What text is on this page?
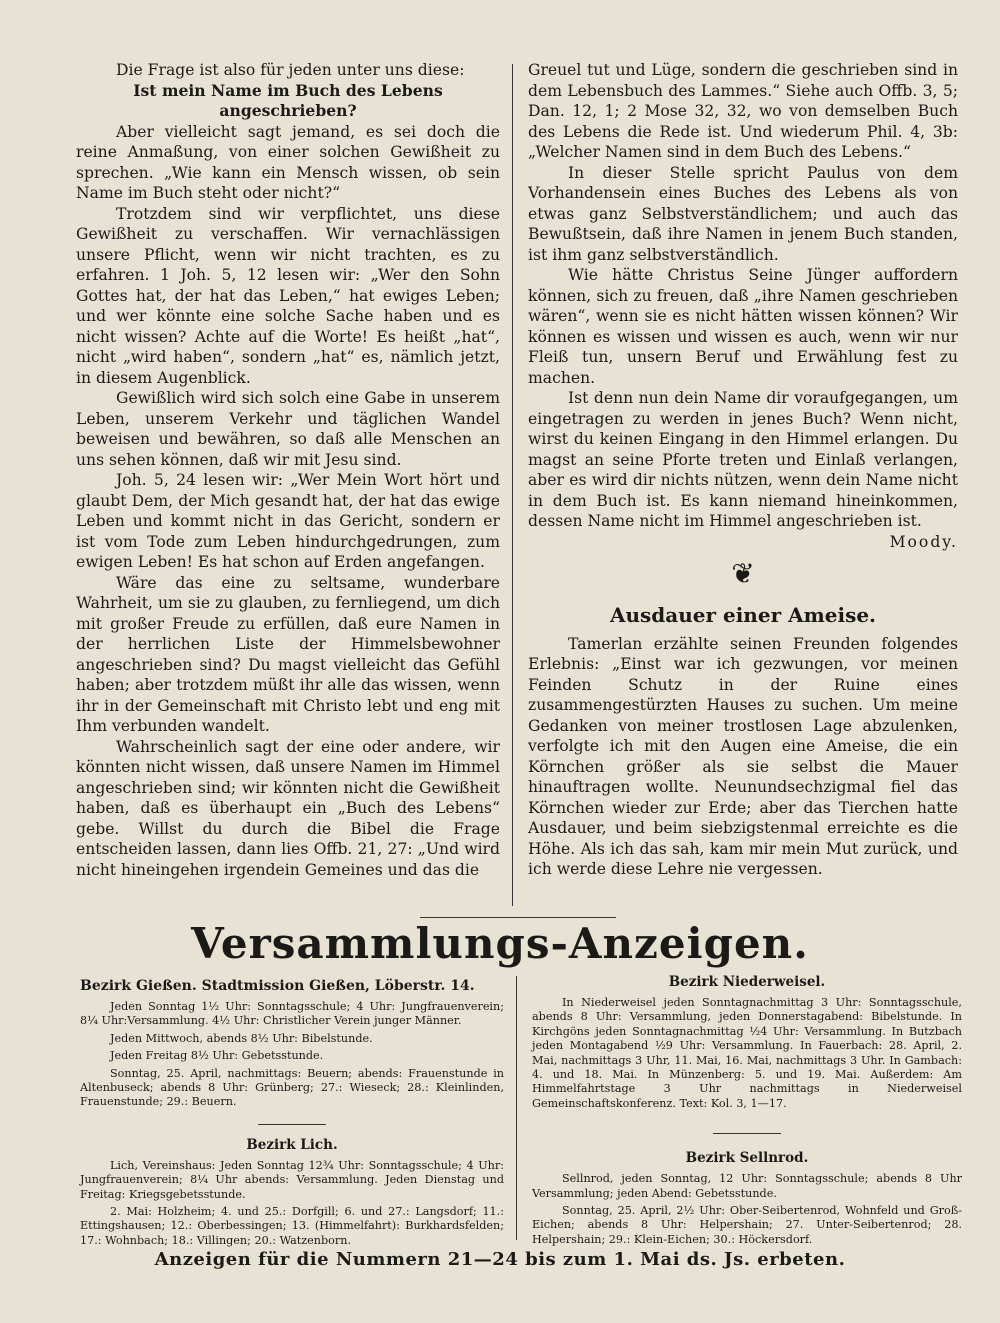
Die Frage ist also für jeden unter uns diese:

Ist mein Name im Buch des Lebens angeschrieben?

Aber vielleicht sagt jemand, es sei doch die reine Anmaßung, von einer solchen Gewißheit zu sprechen. „Wie kann ein Mensch wissen, ob sein Name im Buch steht oder nicht?“

Trotzdem sind wir verpflichtet, uns diese Gewißheit zu verschaffen. Wir vernachlässigen unsere Pflicht, wenn wir nicht trachten, es zu erfahren. 1 Joh. 5, 12 lesen wir: „Wer den Sohn Gottes hat, der hat das Leben,“ hat ewiges Leben; und wer könnte eine solche Sache haben und es nicht wissen? Achte auf die Worte! Es heißt „hat“, nicht „wird haben“, sondern „hat“ es, nämlich jetzt, in diesem Augenblick.

Gewißlich wird sich solch eine Gabe in unserem Leben, unserem Verkehr und täglichen Wandel beweisen und bewähren, so daß alle Menschen an uns sehen können, daß wir mit Jesu sind.

Joh. 5, 24 lesen wir: „Wer Mein Wort hört und glaubt Dem, der Mich gesandt hat, der hat das ewige Leben und kommt nicht in das Gericht, sondern er ist vom Tode zum Leben hindurchgedrungen, zum ewigen Leben! Es hat schon auf Erden angefangen.

Wäre das eine zu seltsame, wunderbare Wahrheit, um sie zu glauben, zu fernliegend, um dich mit großer Freude zu erfüllen, daß eure Namen in der herrlichen Liste der Himmelsbewohner angeschrieben sind? Du magst vielleicht das Gefühl haben; aber trotzdem müßt ihr alle das wissen, wenn ihr in der Gemeinschaft mit Christo lebt und eng mit Ihm verbunden wandelt.

Wahrscheinlich sagt der eine oder andere, wir könnten nicht wissen, daß unsere Namen im Himmel angeschrieben sind; wir könnten nicht die Gewißheit haben, daß es überhaupt ein „Buch des Lebens“ gebe. Willst du durch die Bibel die Frage entscheiden lassen, dann lies Offb. 21, 27: „Und wird nicht hineingehen irgendein Gemeines und das die

Greuel tut und Lüge, sondern die geschrieben sind in dem Lebensbuch des Lammes.“ Siehe auch Offb. 3, 5; Dan. 12, 1; 2 Mose 32, 32, wo von demselben Buch des Lebens die Rede ist. Und wiederum Phil. 4, 3b: „Welcher Namen sind in dem Buch des Lebens.“

In dieser Stelle spricht Paulus von dem Vorhandensein eines Buches des Lebens als von etwas ganz Selbstverständlichem; und auch das Bewußtsein, daß ihre Namen in jenem Buch standen, ist ihm ganz selbstverständlich.

Wie hätte Christus Seine Jünger auffordern können, sich zu freuen, daß „ihre Namen geschrieben wären“, wenn sie es nicht hätten wissen können? Wir können es wissen und wissen es auch, wenn wir nur Fleiß tun, unsern Beruf und Erwählung fest zu machen.

Ist denn nun dein Name dir voraufgegangen, um eingetragen zu werden in jenes Buch? Wenn nicht, wirst du keinen Eingang in den Himmel erlangen. Du magst an seine Pforte treten und Einlaß verlangen, aber es wird dir nichts nützen, wenn dein Name nicht in dem Buch ist. Es kann niemand hineinkommen, dessen Name nicht im Himmel angeschrieben ist.

Moody.

❦
Ausdauer einer Ameise.

Tamerlan erzählte seinen Freunden folgendes Erlebnis: „Einst war ich gezwungen, vor meinen Feinden Schutz in der Ruine eines zusammengestürzten Hauses zu suchen. Um meine Gedanken von meiner trostlosen Lage abzulenken, verfolgte ich mit den Augen eine Ameise, die ein Körnchen größer als sie selbst die Mauer hinauftragen wollte. Neunundsechzigmal fiel das Körnchen wieder zur Erde; aber das Tierchen hatte Ausdauer, und beim siebzigstenmal erreichte es die Höhe. Als ich das sah, kam mir mein Mut zurück, und ich werde diese Lehre nie vergessen.

Versammlungs-Anzeigen.
Bezirk Gießen. Stadtmission Gießen, Löberstr. 14.

Jeden Sonntag 1½ Uhr: Sonntagsschule; 4 Uhr: Jungfrauenverein; 8¼ Uhr:Versammlung. 4½ Uhr: Christlicher Verein junger Männer.

Jeden Mittwoch, abends 8½ Uhr: Bibelstunde.

Jeden Freitag 8½ Uhr: Gebetsstunde.

Sonntag, 25. April, nachmittags: Beuern; abends: Frauenstunde in Altenbuseck; abends 8 Uhr: Grünberg; 27.: Wieseck; 28.: Kleinlinden, Frauenstunde; 29.: Beuern.

Bezirk Lich.

Lich, Vereinshaus: Jeden Sonntag 12¾ Uhr: Sonntagsschule; 4 Uhr: Jungfrauenverein; 8¼ Uhr abends: Versammlung. Jeden Dienstag und Freitag: Kriegsgebetsstunde.

2. Mai: Holzheim; 4. und 25.: Dorfgill; 6. und 27.: Langsdorf; 11.: Ettingshausen; 12.: Oberbessingen; 13. (Himmelfahrt): Burkhardsfelden; 17.: Wohnbach; 18.: Villingen; 20.: Watzenborn.

Bezirk Niederweisel.

In Niederweisel jeden Sonntagnachmittag 3 Uhr: Sonntagsschule, abends 8 Uhr: Versammlung, jeden Donnerstagabend: Bibelstunde. In Kirchgöns jeden Sonntagnachmittag ½4 Uhr: Versammlung. In Butzbach jeden Montagabend ½9 Uhr: Versammlung. In Fauerbach: 28. April, 2. Mai, nachmittags 3 Uhr, 11. Mai, 16. Mai, nachmittags 3 Uhr. In Gambach: 4. und 18. Mai. In Münzenberg: 5. und 19. Mai. Außerdem: Am Himmelfahrtstage 3 Uhr nachmittags in Niederweisel Gemeinschaftskonferenz. Text: Kol. 3, 1—17.

Bezirk Sellnrod.

Sellnrod, jeden Sonntag, 12 Uhr: Sonntagsschule; abends 8 Uhr Versammlung; jeden Abend: Gebetsstunde.

Sonntag, 25. April, 2½ Uhr: Ober-Seibertenrod, Wohnfeld und Groß-Eichen; abends 8 Uhr: Helpershain; 27. Unter-Seibertenrod; 28. Helpershain; 29.: Klein-Eichen; 30.: Höckersdorf.

Anzeigen für die Nummern 21—24 bis zum 1. Mai ds. Js. erbeten.
